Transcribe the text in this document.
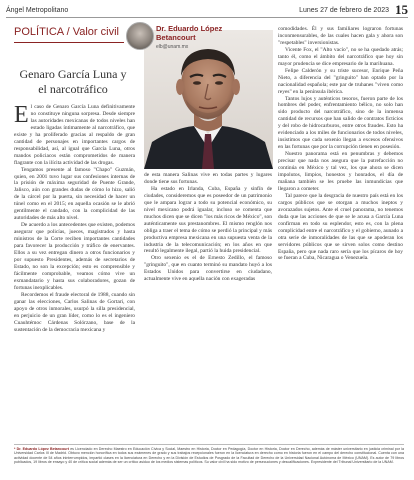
Ángel Metropolitano	Lunes 27 de febrero de 2023 15
POLÍTICA / Valor civil
Genaro García Luna y el narcotráfico
Dr. Eduardo López Betancourt
elb@unam.mx

El caso de Genaro García Luna definitivamente no constituye ninguna sorpresa. Desde siempre las autoridades mexicanas de todos niveles han estado ligadas íntimamente al narcotráfico, que existe y ha proliferado gracias al respaldo de gran cantidad de personajes en importantes cargos de responsabilidad, así, al igual que García Luna, otros mandos policiacos están comprometidos de manera flagrante con la ilícita actividad de las drogas.

Tengamos presente al famoso "Chapo" Guzmán, quien, en 2001 tuvo lugar sus confesiones internas de la prisión de máxima seguridad de Puente Grande, Jalisco, aún con grandes dudas de cómo lo hizo, salió de la cárcel por la puerta, sin necesidad de hacer un túnel como en el 2015; en aquella ocasión se le abrió gentilmente el candado, con la complicidad de las autoridades de más alto nivel.

De acuerdo a los antecedentes que existen, podemos asegurar que policías, jueces, magistrados y hasta ministros de la Corte reciben importantes cantidades para favorecer la producción y tráfico de enervantes. Ellos a su vez entregan dinero a otros funcionarios y por supuesto Presidentes, además de secretarios de Estado, no son la excepción; esto es comprensible y fácilmente comprobable, veamos cómo vive un exmandatario y hasta sus colaboradores, gozan de fortunas inexplicables.

Recordemos el fraude electoral de 1988, cuando sin ganar las elecciones, Carlos Salinas de Gortari, con apoyo de otros inmorales, usurpó la silla presidencial, en perjuicio de un gran líder, como lo es el ingeniero Cuauhtémoc Cárdenas Solórzano, base de la sustentación de la democracia mexicana y

de esta manera Salinas vive en todas partes y lugares donde tiene sus fortunas.

Ha estado en Irlanda, Cuba, España y sinfín de ciudades, consideremos que es poseedor de un patrimonio que le ampara lograr a todo su potencial económico, su nivel mexicano podrá igualar, incluso se comenta que muchos dicen que se dicen "los más ricos de México", son auténticamente sus prestanombres. El mismo renglón nos obliga a traer el tema de cómo se perdió la principal y más productiva empresa mexicana en una supuesta venta de la industria de la telecomunicación; en los años en que resultó legalmente ilegal, partió la huida presidencial.

Otro sexenio es el de Ernesto Zedillo, el famoso "gringuito", que en cuanto terminó su mandato huyó a los Estados Unidos para convertirse en ciudadano, actualmente vive en aquella nación con exageradas

comodidades. Él y sus familiares lograron fortunas inconmensurables, de las cuales hacen gala y ahora son "respetables" inversionistas.

Vicente Fox, el "Alto vacío", no se ha quedado atrás; tanto él, como el ámbito del narcotráfico que hoy sin mayor prudencia se dice empresario de la marihuana.

Felipe Calderón y su triste sucesor, Enrique Peña Nieto, a diferencia del "gringuito" han optado por la nacionalidad española; este par de truhanes "viven como reyes" en la península ibérica.

Tantos lujos y auténticos tesoros, fueron parte de los hombres del poder, enfrentamiento bélico, no solo han sido producto del narcotráfico, sino de la inmensa cantidad de recursos que han salido de contratos ficticios y del robo de hidrocarburos, entre otros fraudes. Esto ha evidenciado a los miles de funcionarios de todos niveles, insistimos que cada sexenio llegan a excesos ofensivos en las fortunas que por la corrupción tienen en posesión.

Nuestro panorama está en penumbras y debemos precisar que nada nos asegura que la putrefacción no continúa en México y tal vez, los que ahora se dicen impolutos, limpios, honestos y honrados, el día de mañana también se les pruebe las inmundicias que llegaron a cometer.

Tal parece que la desgracia de nuestro país está en los cargos públicos que se otorgan a muchos ineptos y avorazados sujetos. Ante el cruel panorama, no tenemos duda que las acciones de que se le acusa a García Luna confirman en todo su esplendor, esto es, con la plena complicidad entre el narcotráfico y el gobierno, aunado a otra serie de inmoralidades de las que se apoderan los servidores públicos que se sirven solos como destino España, pero que nada raro sería que los pícaros de hoy se fueran a Cuba, Nicaragua o Venezuela.

* Dr. Eduardo López Betancourt es Licenciado en Derecho Maestro en Educación Cívica y Social, Maestro en Historia, Doctor en Pedagogía, Doctor en Historia, Doctor en Derecho, además de máster universitario en justicia criminal por la Universidad Carlos III de Madrid. Obtuvo mención honorífica en todos sus exámenes de grado y sus trabajos recepcionales fueron en la licenciatura en derecho como en historia fueron en el campo del derecho constitucional. Cuenta con una actividad docente de 54 años ininterrumpidos, impartió clases en la licenciatura en Derecho y en la División de Estudios de Posgrado de la Facultad de Derecho de la Universidad Nacional Autónoma de México (UNAM). Es autor de 79 libros publicados, 19 libros de ensayo y 40 de crítica social además de ser un crítico asiduo de los medios sistemas políticos. Su valor civil ha sido motivo de persecuciones y descalificaciones. Expresidente del Tribunal Universitario de la UNAM.
